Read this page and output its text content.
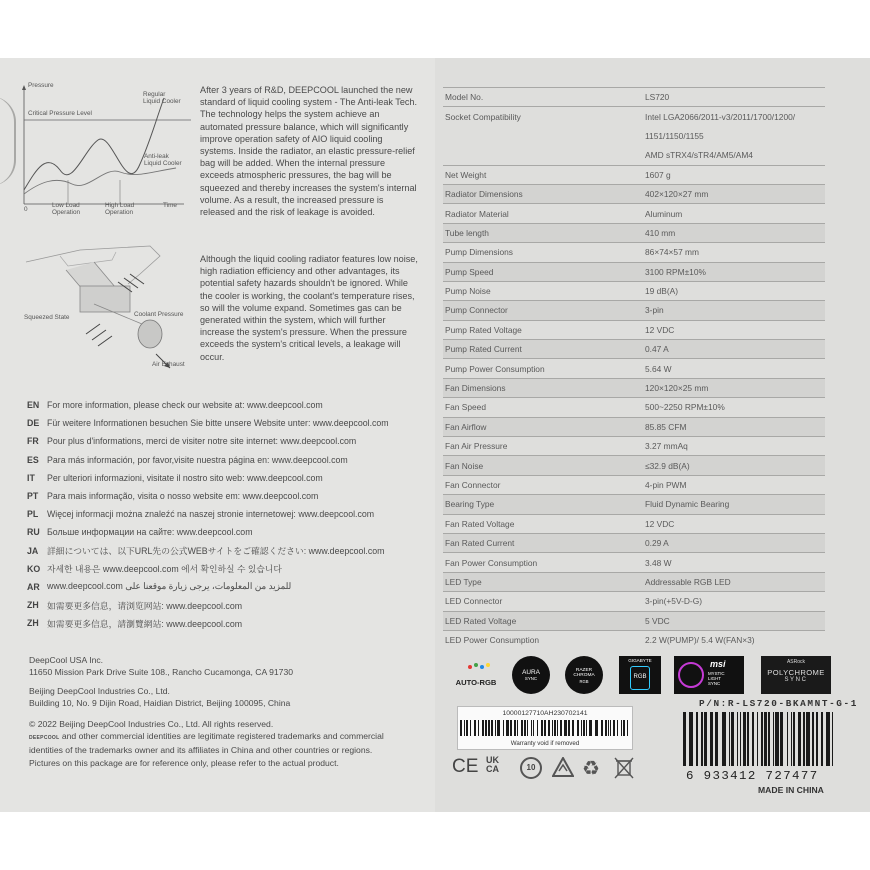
Pressure
Critical Pressure Level
Regular
Liquid Cooler
Anti-leak
Liquid Cooler
0
Low Load
Operation
High Load
Operation
Time
After 3 years of R&D, DEEPCOOL launched the new standard of liquid cooling system - The Anti-leak Tech. The technology helps the system achieve an automated pressure balance, which will significantly improve operation safety of AIO liquid cooling systems. Inside the radiator, an elastic pressure-relief bag will be added. When the internal pressure exceeds atmospheric pressures, the bag will be squeezed and thereby increases the system's internal volume. As a result, the increased pressure is released and the risk of leakage is avoided.
Squeezed State	Coolant Pressure
Air Exhaust
Although the liquid cooling radiator features low noise, high radiation efficiency and other advantages, its potential safety hazards shouldn't be ignored. While the cooler is working, the coolant's temperature rises, so will the volume expand. Sometimes gas can be generated within the system, which will further increase the system's pressure. When the pressure exceeds the system's critical levels, a leakage will occur.
EN For more information, please check our website at: www.deepcool.com
DE Für weitere Informationen besuchen Sie bitte unsere Website unter: www.deepcool.com
FR Pour plus d'informations, merci de visiter notre site internet: www.deepcool.com
ES Para más información, por favor,visite nuestra página en: www.deepcool.com
IT	Per ulteriori informazioni, visitate il nostro sito web: www.deepcool.com
PT Para mais informação, visita o nosso website em: www.deepcool.com
PL Więcej informacji można znaleźć na naszej stronie internetowej: www.deepcool.com
RU Больше информации на сайте: www.deepcool.com
JA 詳細については、以下URL先の公式WEBサイトをご確認ください: www.deepcool.com
KO 자세한 내용은 www.deepcool.com 에서 확인하실 수 있습니다
AR www.deepcool.com للمزيد من المعلومات، يرجى زيارة موقعنا على
ZH 如需要更多信息，请浏览网站: www.deepcool.com
ZH 如需要更多信息，請瀏覽網站: www.deepcool.com
DeepCool USA Inc.
11650 Mission Park Drive Suite 108., Rancho Cucamonga, CA 91730
Beijing DeepCool Industries Co., Ltd.
Building 10, No. 9 Dijin Road, Haidian District, Beijing 100095, China
© 2022 Beijing DeepCool Industries Co., Ltd. All rights reserved.
DEEPCOOL and other commercial identities are legitimate registered trademarks and commercial identities of the trademarks owner and its affiliates in China and other countries or regions.
Pictures on this package are for reference only, please refer to the actual product.
Model No.	LS720
Socket Compatibility	Intel LGA2066/2011-v3/2011/1700/1200/
	1151/1150/1155
	AMD sTRX4/sTR4/AM5/AM4
Net Weight	1607 g
Radiator Dimensions	402×120×27 mm
Radiator Material	Aluminum
Tube length	410 mm
Pump Dimensions	86×74×57 mm
Pump Speed	3100 RPM±10%
Pump Noise	19 dB(A)
Pump Connector	3-pin
Pump Rated Voltage	12 VDC
Pump Rated Current	0.47 A
Pump Power Consumption	5.64 W
Fan Dimensions	120×120×25 mm
Fan Speed	500~2250 RPM±10%
Fan Airflow	85.85 CFM
Fan Air Pressure	3.27 mmAq
Fan Noise	≤32.9 dB(A)
Fan Connector	4-pin PWM
Bearing Type	Fluid Dynamic Bearing
Fan Rated Voltage	12 VDC
Fan Rated Current	0.29 A
Fan Power Consumption	3.48 W
LED Type	Addressable RGB LED
LED Connector	3-pin(+5V-D-G)
LED Rated Voltage	5 VDC
LED Power Consumption	2.2 W(PUMP)/ 5.4 W(FAN×3)
AUTO-RGB
AURA
SYNC
RAZER
CHROMA
RGB
GIGABYTE
RGB
msi
MYSTIC
LIGHT
SYNC
ASRock
POLYCHROME
SYNC
P/N:R-LS720-BKAMNT-G-1
10000127710AH230702141
Warranty void if removed
CE UK CA	10	♻	6 933412 727477
MADE IN CHINA
